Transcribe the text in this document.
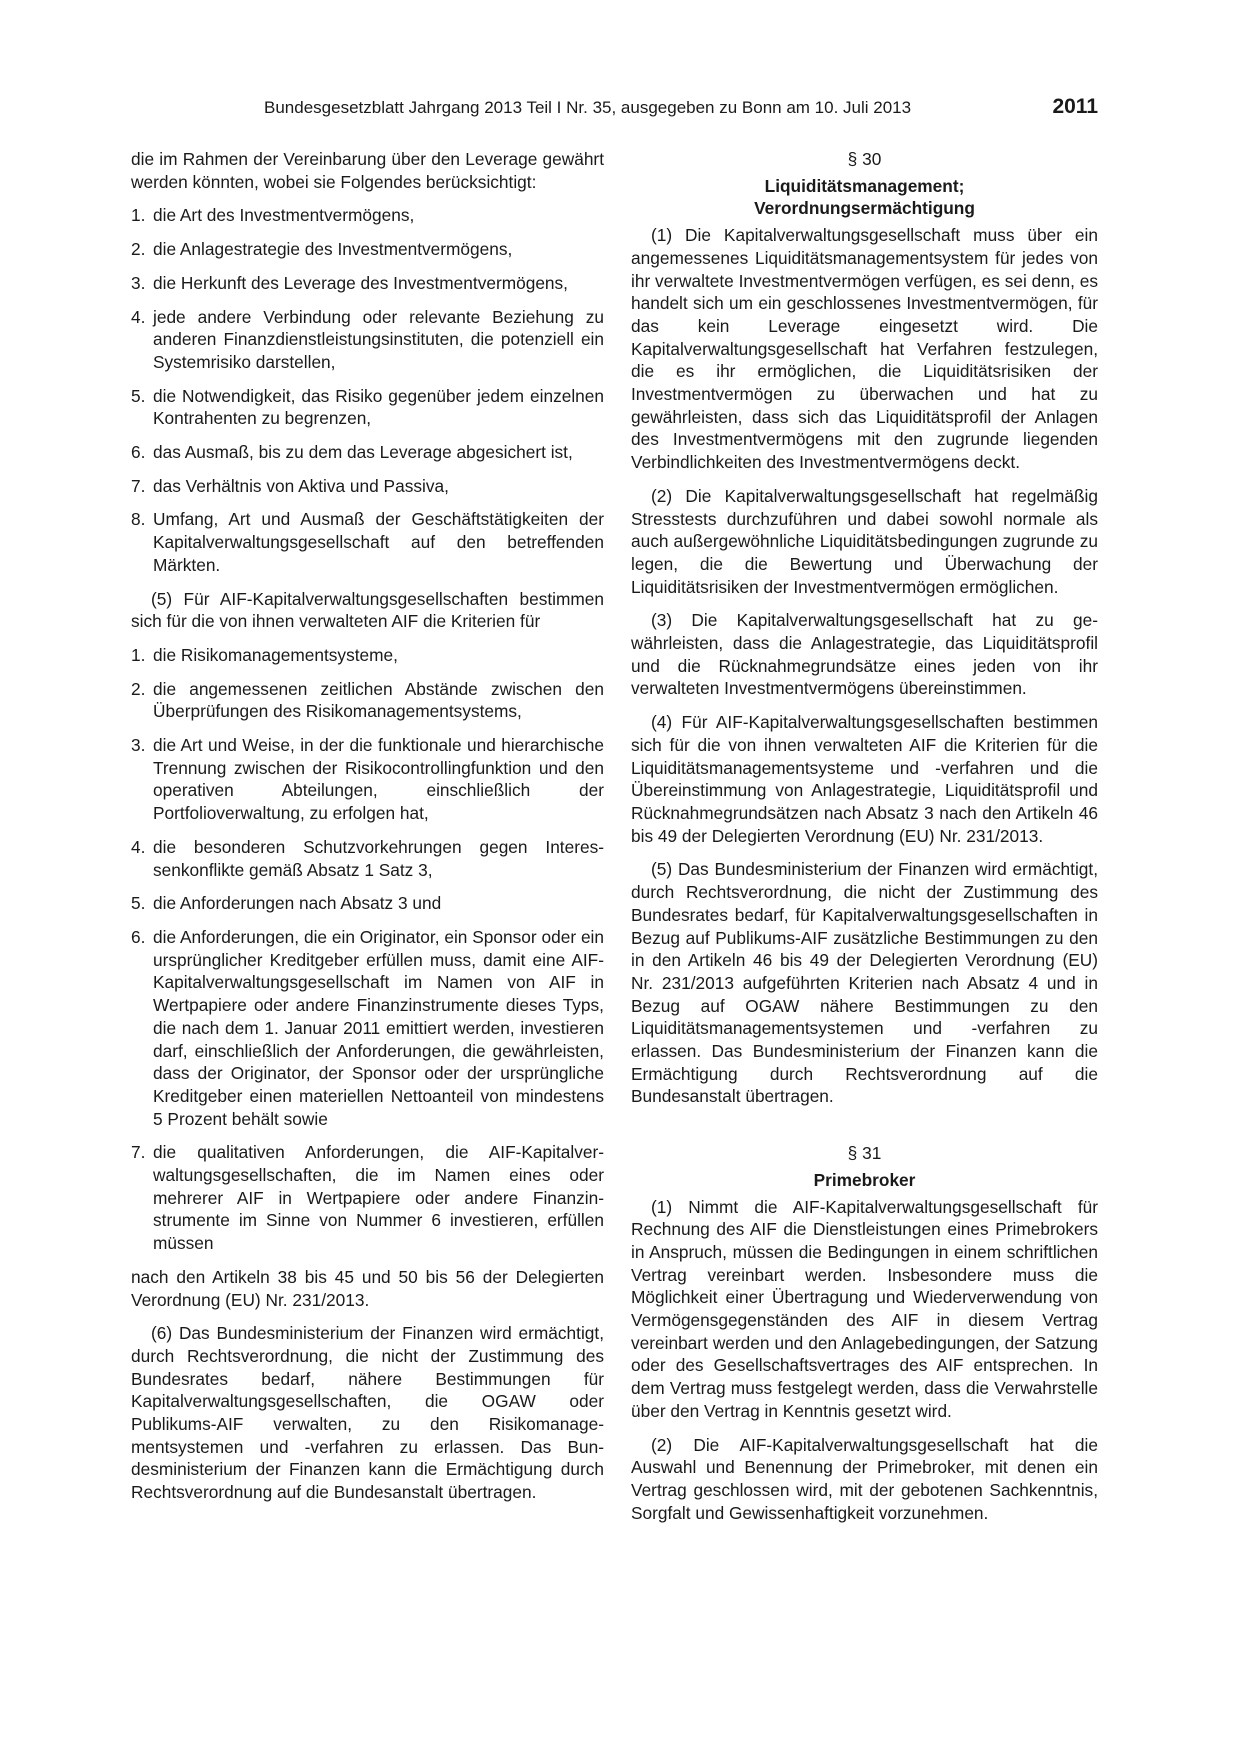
Bundesgesetzblatt Jahrgang 2013 Teil I Nr. 35, ausgegeben zu Bonn am 10. Juli 2013	2011

die im Rahmen der Vereinbarung über den Leverage gewährt werden könnten, wobei sie Folgendes berücksichtigt:

1. die Art des Investmentvermögens,
2. die Anlagestrategie des Investmentvermögens,
3. die Herkunft des Leverage des Investmentvermögens,
4. jede andere Verbindung oder relevante Beziehung zu anderen Finanzdienstleistungsinstituten, die potenziell ein Systemrisiko darstellen,
5. die Notwendigkeit, das Risiko gegenüber jedem einzelnen Kontrahenten zu begrenzen,
6. das Ausmaß, bis zu dem das Leverage abgesichert ist,
7. das Verhältnis von Aktiva und Passiva,
8. Umfang, Art und Ausmaß der Geschäftstätigkeiten der Kapitalverwaltungsgesellschaft auf den betreffenden Märkten.

(5) Für AIF-Kapitalverwaltungsgesellschaften bestimmen sich für die von ihnen verwalteten AIF die Kriterien für

1. die Risikomanagementsysteme,
2. die angemessenen zeitlichen Abstände zwischen den Überprüfungen des Risikomanagementsystems,
3. die Art und Weise, in der die funktionale und hierarchische Trennung zwischen der Risikocontrollingfunktion und den operativen Abteilungen, einschließlich der Portfolioverwaltung, zu erfolgen hat,
4. die besonderen Schutzvorkehrungen gegen Interessenkonflikte gemäß Absatz 1 Satz 3,
5. die Anforderungen nach Absatz 3 und
6. die Anforderungen, die ein Originator, ein Sponsor oder ein ursprünglicher Kreditgeber erfüllen muss, damit eine AIF-Kapitalverwaltungsgesellschaft im Namen von AIF in Wertpapiere oder andere Finanzinstrumente dieses Typs, die nach dem 1. Januar 2011 emittiert werden, investieren darf, einschließlich der Anforderungen, die gewährleisten, dass der Originator, der Sponsor oder der ursprüngliche Kreditgeber einen materiellen Nettoanteil von mindestens 5 Prozent behält sowie
7. die qualitativen Anforderungen, die AIF-Kapitalverwaltungsgesellschaften, die im Namen eines oder mehrerer AIF in Wertpapiere oder andere Finanzinstrumente im Sinne von Nummer 6 investieren, erfüllen müssen

nach den Artikeln 38 bis 45 und 50 bis 56 der Delegierten Verordnung (EU) Nr. 231/2013.

(6) Das Bundesministerium der Finanzen wird ermächtigt, durch Rechtsverordnung, die nicht der Zustimmung des Bundesrates bedarf, nähere Bestimmungen für Kapitalverwaltungsgesellschaften, die OGAW oder Publikums-AIF verwalten, zu den Risikomanagementsystemen und -verfahren zu erlassen. Das Bundesministerium der Finanzen kann die Ermächtigung durch Rechtsverordnung auf die Bundesanstalt übertragen.

§ 30

Liquiditätsmanagement;

Verordnungsermächtigung

(1) Die Kapitalverwaltungsgesellschaft muss über ein angemessenes Liquiditätsmanagementsystem für jedes von ihr verwaltete Investmentvermögen verfügen, es sei denn, es handelt sich um ein geschlossenes Investmentvermögen, für das kein Leverage eingesetzt wird. Die Kapitalverwaltungsgesellschaft hat Verfahren festzulegen, die es ihr ermöglichen, die Liquiditätsrisiken der Investmentvermögen zu überwachen und hat zu gewährleisten, dass sich das Liquiditätsprofil der Anlagen des Investmentvermögens mit den zugrunde liegenden Verbindlichkeiten des Investmentvermögens deckt.

(2) Die Kapitalverwaltungsgesellschaft hat regelmäßig Stresstests durchzuführen und dabei sowohl normale als auch außergewöhnliche Liquiditätsbedingungen zugrunde zu legen, die die Bewertung und Überwachung der Liquiditätsrisiken der Investmentvermögen ermöglichen.

(3) Die Kapitalverwaltungsgesellschaft hat zu gewährleisten, dass die Anlagestrategie, das Liquiditätsprofil und die Rücknahmegrundsätze eines jeden von ihr verwalteten Investmentvermögens übereinstimmen.

(4) Für AIF-Kapitalverwaltungsgesellschaften bestimmen sich für die von ihnen verwalteten AIF die Kriterien für die Liquiditätsmanagementsysteme und -verfahren und die Übereinstimmung von Anlagestrategie, Liquiditätsprofil und Rücknahmegrundsätzen nach Absatz 3 nach den Artikeln 46 bis 49 der Delegierten Verordnung (EU) Nr. 231/2013.

(5) Das Bundesministerium der Finanzen wird ermächtigt, durch Rechtsverordnung, die nicht der Zustimmung des Bundesrates bedarf, für Kapitalverwaltungsgesellschaften in Bezug auf Publikums-AIF zusätzliche Bestimmungen zu den in den Artikeln 46 bis 49 der Delegierten Verordnung (EU) Nr. 231/2013 aufgeführten Kriterien nach Absatz 4 und in Bezug auf OGAW nähere Bestimmungen zu den Liquiditätsmanagementsystemen und -verfahren zu erlassen. Das Bundesministerium der Finanzen kann die Ermächtigung durch Rechtsverordnung auf die Bundesanstalt übertragen.

§ 31

Primebroker

(1) Nimmt die AIF-Kapitalverwaltungsgesellschaft für Rechnung des AIF die Dienstleistungen eines Primebrokers in Anspruch, müssen die Bedingungen in einem schriftlichen Vertrag vereinbart werden. Insbesondere muss die Möglichkeit einer Übertragung und Wiederverwendung von Vermögensgegenständen des AIF in diesem Vertrag vereinbart werden und den Anlagebedingungen, der Satzung oder des Gesellschaftsvertrages des AIF entsprechen. In dem Vertrag muss festgelegt werden, dass die Verwahrstelle über den Vertrag in Kenntnis gesetzt wird.

(2) Die AIF-Kapitalverwaltungsgesellschaft hat die Auswahl und Benennung der Primebroker, mit denen ein Vertrag geschlossen wird, mit der gebotenen Sachkenntnis, Sorgfalt und Gewissenhaftigkeit vorzunehmen.
